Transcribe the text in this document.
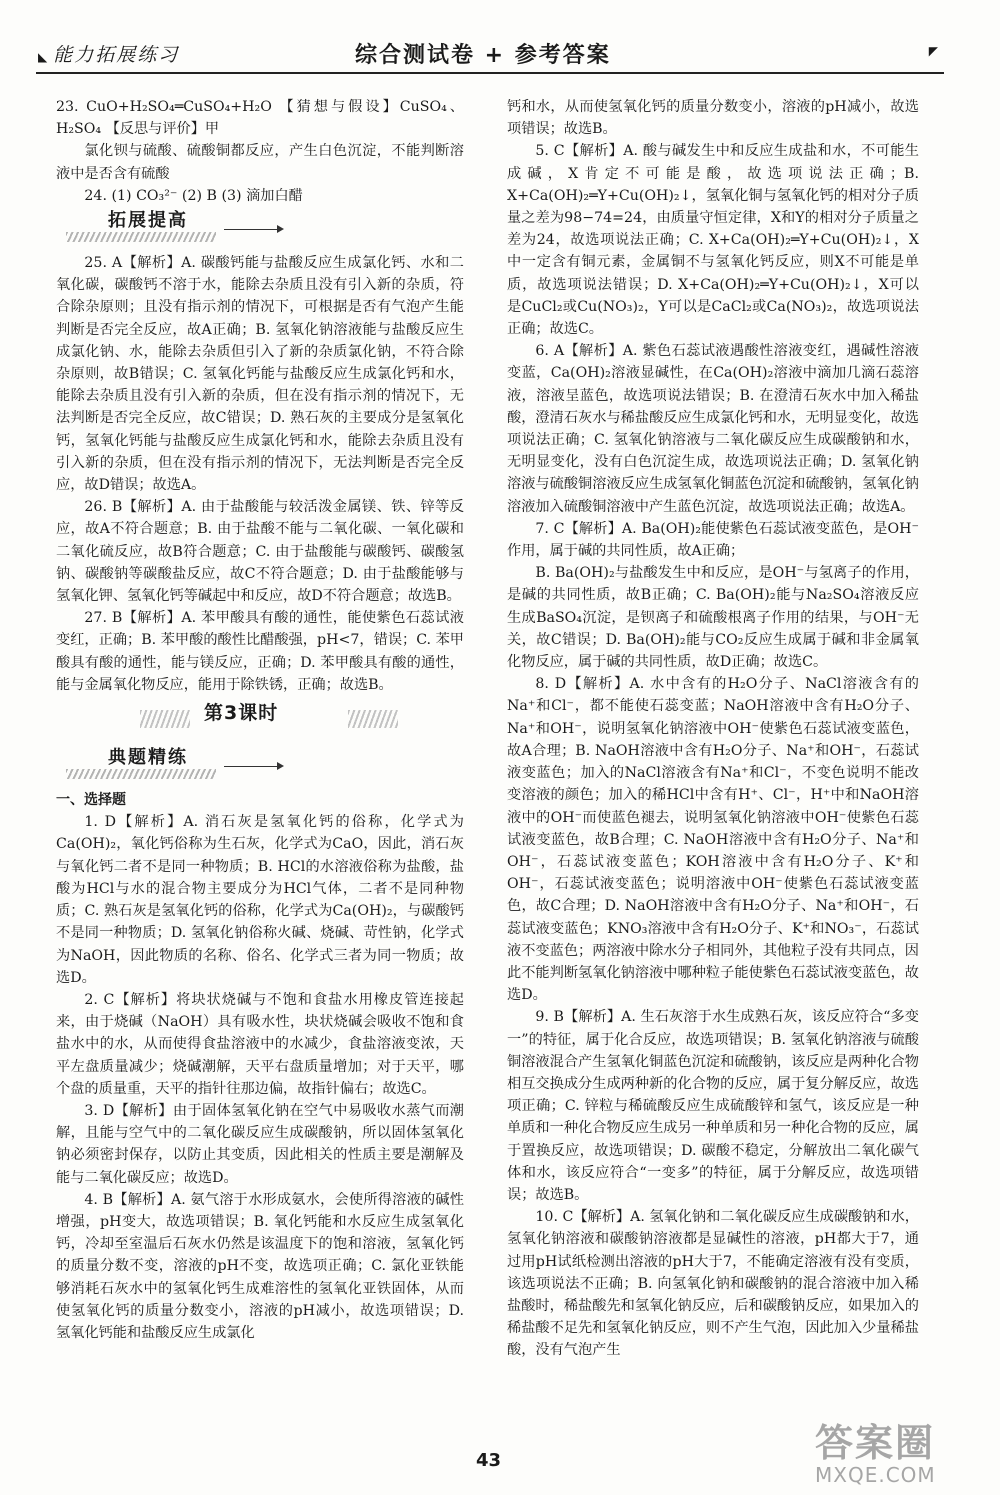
◣ 能力拓展练习	综合测试卷 + 参考答案	◤

23. CuO+H₂SO₄═CuSO₄+H₂O 【猜想与假设】CuSO₄、H₂SO₄ 【反思与评价】甲

氯化钡与硫酸、硫酸铜都反应，产生白色沉淀，不能判断溶液中是否含有硫酸

24. (1) CO₃²⁻ (2) B (3) 滴加白醋

拓展提高

25. A【解析】A. 碳酸钙能与盐酸反应生成氯化钙、水和二氧化碳，碳酸钙不溶于水，能除去杂质且没有引入新的杂质，符合除杂原则；且没有指示剂的情况下，可根据是否有气泡产生能判断是否完全反应，故A正确；B. 氢氧化钠溶液能与盐酸反应生成氯化钠、水，能除去杂质但引入了新的杂质氯化钠，不符合除杂原则，故B错误；C. 氢氧化钙能与盐酸反应生成氯化钙和水，能除去杂质且没有引入新的杂质，但在没有指示剂的情况下，无法判断是否完全反应，故C错误；D. 熟石灰的主要成分是氢氧化钙，氢氧化钙能与盐酸反应生成氯化钙和水，能除去杂质且没有引入新的杂质，但在没有指示剂的情况下，无法判断是否完全反应，故D错误；故选A。

26. B【解析】A. 由于盐酸能与较活泼金属镁、铁、锌等反应，故A不符合题意；B. 由于盐酸不能与二氧化碳、一氧化碳和二氧化硫反应，故B符合题意；C. 由于盐酸能与碳酸钙、碳酸氢钠、碳酸钠等碳酸盐反应，故C不符合题意；D. 由于盐酸能够与氢氧化钾、氢氧化钙等碱起中和反应，故D不符合题意；故选B。

27. B【解析】A. 苯甲酸具有酸的通性，能使紫色石蕊试液变红，正确；B. 苯甲酸的酸性比醋酸强，pH<7，错误；C. 苯甲酸具有酸的通性，能与镁反应，正确；D. 苯甲酸具有酸的通性，能与金属氧化物反应，能用于除铁锈，正确；故选B。

第3课时
典题精练

一、选择题

1. D【解析】A. 消石灰是氢氧化钙的俗称，化学式为Ca(OH)₂，氧化钙俗称为生石灰，化学式为CaO，因此，消石灰与氧化钙二者不是同一种物质；B. HCl的水溶液俗称为盐酸，盐酸为HCl与水的混合物主要成分为HCl气体，二者不是同种物质；C. 熟石灰是氢氧化钙的俗称，化学式为Ca(OH)₂，与碳酸钙不是同一种物质；D. 氢氧化钠俗称火碱、烧碱、苛性钠，化学式为NaOH，因此物质的名称、俗名、化学式三者为同一物质；故选D。

2. C【解析】将块状烧碱与不饱和食盐水用橡皮管连接起来，由于烧碱（NaOH）具有吸水性，块状烧碱会吸收不饱和食盐水中的水，从而使得食盐溶液中的水减少，食盐溶液变浓，天平左盘质量减少；烧碱潮解，天平右盘质量增加；对于天平，哪个盘的质量重，天平的指针往那边偏，故指针偏右；故选C。

3. D【解析】由于固体氢氧化钠在空气中易吸收水蒸气而潮解，且能与空气中的二氧化碳反应生成碳酸钠，所以固体氢氧化钠必须密封保存，以防止其变质，因此相关的性质主要是潮解及能与二氧化碳反应；故选D。

4. B【解析】A. 氨气溶于水形成氨水，会使所得溶液的碱性增强，pH变大，故选项错误；B. 氧化钙能和水反应生成氢氧化钙，冷却至室温后石灰水仍然是该温度下的饱和溶液，氢氧化钙的质量分数不变，溶液的pH不变，故选项正确；C. 氯化亚铁能够消耗石灰水中的氢氧化钙生成难溶性的氢氧化亚铁固体，从而使氢氧化钙的质量分数变小，溶液的pH减小，故选项错误；D. 氢氧化钙能和盐酸反应生成氯化

钙和水，从而使氢氧化钙的质量分数变小，溶液的pH减小，故选项错误；故选B。

5. C【解析】A. 酸与碱发生中和反应生成盐和水，不可能生成碱，X肯定不可能是酸，故选项说法正确；B. X+Ca(OH)₂═Y+Cu(OH)₂↓，氢氧化铜与氢氧化钙的相对分子质量之差为98−74=24，由质量守恒定律，X和Y的相对分子质量之差为24，故选项说法正确；C. X+Ca(OH)₂═Y+Cu(OH)₂↓，X中一定含有铜元素，金属铜不与氢氧化钙反应，则X不可能是单质，故选项说法错误；D. X+Ca(OH)₂═Y+Cu(OH)₂↓，X可以是CuCl₂或Cu(NO₃)₂，Y可以是CaCl₂或Ca(NO₃)₂，故选项说法正确；故选C。

6. A【解析】A. 紫色石蕊试液遇酸性溶液变红，遇碱性溶液变蓝，Ca(OH)₂溶液显碱性，在Ca(OH)₂溶液中滴加几滴石蕊溶液，溶液呈蓝色，故选项说法错误；B. 在澄清石灰水中加入稀盐酸，澄清石灰水与稀盐酸反应生成氯化钙和水，无明显变化，故选项说法正确；C. 氢氧化钠溶液与二氧化碳反应生成碳酸钠和水，无明显变化，没有白色沉淀生成，故选项说法正确；D. 氢氧化钠溶液与硫酸铜溶液反应生成氢氧化铜蓝色沉淀和硫酸钠，氢氧化钠溶液加入硫酸铜溶液中产生蓝色沉淀，故选项说法正确；故选A。

7. C【解析】A. Ba(OH)₂能使紫色石蕊试液变蓝色，是OH⁻作用，属于碱的共同性质，故A正确；

B. Ba(OH)₂与盐酸发生中和反应，是OH⁻与氢离子的作用，是碱的共同性质，故B正确；C. Ba(OH)₂能与Na₂SO₄溶液反应生成BaSO₄沉淀，是钡离子和硫酸根离子作用的结果，与OH⁻无关，故C错误；D. Ba(OH)₂能与CO₂反应生成属于碱和非金属氧化物反应，属于碱的共同性质，故D正确；故选C。

8. D【解析】A. 水中含有的H₂O分子、NaCl溶液含有的Na⁺和Cl⁻，都不能使石蕊变蓝；NaOH溶液中含有H₂O分子、Na⁺和OH⁻，说明氢氧化钠溶液中OH⁻使紫色石蕊试液变蓝色，故A合理；B. NaOH溶液中含有H₂O分子、Na⁺和OH⁻，石蕊试液变蓝色；加入的NaCl溶液含有Na⁺和Cl⁻，不变色说明不能改变溶液的颜色；加入的稀HCl中含有H⁺、Cl⁻，H⁺中和NaOH溶液中的OH⁻而使蓝色褪去，说明氢氧化钠溶液中OH⁻使紫色石蕊试液变蓝色，故B合理；C. NaOH溶液中含有H₂O分子、Na⁺和OH⁻，石蕊试液变蓝色；KOH溶液中含有H₂O分子、K⁺和OH⁻，石蕊试液变蓝色；说明溶液中OH⁻使紫色石蕊试液变蓝色，故C合理；D. NaOH溶液中含有H₂O分子、Na⁺和OH⁻，石蕊试液变蓝色；KNO₃溶液中含有H₂O分子、K⁺和NO₃⁻，石蕊试液不变蓝色；两溶液中除水分子相同外，其他粒子没有共同点，因此不能判断氢氧化钠溶液中哪种粒子能使紫色石蕊试液变蓝色，故选D。

9. B【解析】A. 生石灰溶于水生成熟石灰，该反应符合“多变一”的特征，属于化合反应，故选项错误；B. 氢氧化钠溶液与硫酸铜溶液混合产生氢氧化铜蓝色沉淀和硫酸钠，该反应是两种化合物相互交换成分生成两种新的化合物的反应，属于复分解反应，故选项正确；C. 锌粒与稀硫酸反应生成硫酸锌和氢气，该反应是一种单质和一种化合物反应生成另一种单质和另一种化合物的反应，属于置换反应，故选项错误；D. 碳酸不稳定，分解放出二氧化碳气体和水，该反应符合“一变多”的特征，属于分解反应，故选项错误；故选B。

10. C【解析】A. 氢氧化钠和二氧化碳反应生成碳酸钠和水，氢氧化钠溶液和碳酸钠溶液都是显碱性的溶液，pH都大于7，通过用pH试纸检测出溶液的pH大于7，不能确定溶液有没有变质，该选项说法不正确；B. 向氢氧化钠和碳酸钠的混合溶液中加入稀盐酸时，稀盐酸先和氢氧化钠反应，后和碳酸钠反应，如果加入的稀盐酸不足先和氢氧化钠反应，则不产生气泡，因此加入少量稀盐酸，没有气泡产生

43	答案圈
MXQE.COM
